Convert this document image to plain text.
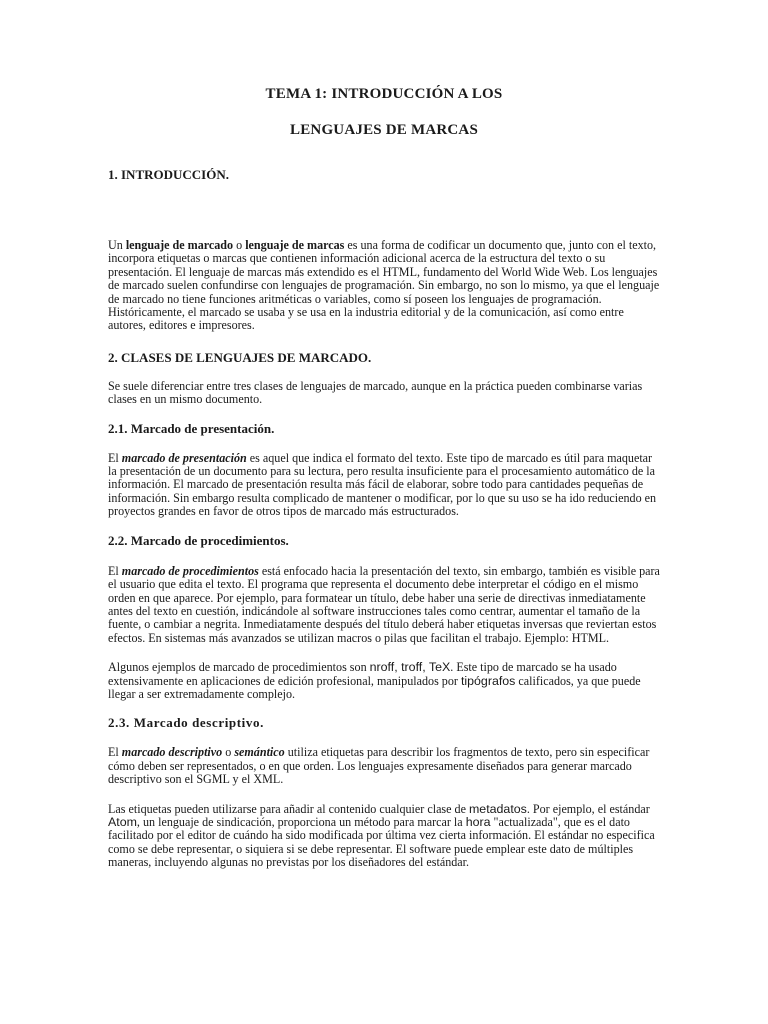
TEMA 1: INTRODUCCIÓN A LOS
LENGUAJES DE MARCAS
1. INTRODUCCIÓN.

Un lenguaje de marcado o lenguaje de marcas es una forma de codificar un documento que, junto con el texto, incorpora etiquetas o marcas que contienen información adicional acerca de la estructura del texto o su presentación. El lenguaje de marcas más extendido es el HTML, fundamento del World Wide Web. Los lenguajes de marcado suelen confundirse con lenguajes de programación. Sin embargo, no son lo mismo, ya que el lenguaje de marcado no tiene funciones aritméticas o variables, como sí poseen los lenguajes de programación. Históricamente, el marcado se usaba y se usa en la industria editorial y de la comunicación, así como entre autores, editores e impresores.

2. CLASES DE LENGUAJES DE MARCADO.

Se suele diferenciar entre tres clases de lenguajes de marcado, aunque en la práctica pueden combinarse varias clases en un mismo documento.

2.1. Marcado de presentación.

El marcado de presentación es aquel que indica el formato del texto. Este tipo de marcado es útil para maquetar la presentación de un documento para su lectura, pero resulta insuficiente para el procesamiento automático de la información. El marcado de presentación resulta más fácil de elaborar, sobre todo para cantidades pequeñas de información. Sin embargo resulta complicado de mantener o modificar, por lo que su uso se ha ido reduciendo en proyectos grandes en favor de otros tipos de marcado más estructurados.

2.2. Marcado de procedimientos.

El marcado de procedimientos está enfocado hacia la presentación del texto, sin embargo, también es visible para el usuario que edita el texto. El programa que representa el documento debe interpretar el código en el mismo orden en que aparece. Por ejemplo, para formatear un título, debe haber una serie de directivas inmediatamente antes del texto en cuestión, indicándole al software instrucciones tales como centrar, aumentar el tamaño de la fuente, o cambiar a negrita. Inmediatamente después del título deberá haber etiquetas inversas que reviertan estos efectos. En sistemas más avanzados se utilizan macros o pilas que facilitan el trabajo. Ejemplo: HTML.

Algunos ejemplos de marcado de procedimientos son nroff, troff, TeX. Este tipo de marcado se ha usado extensivamente en aplicaciones de edición profesional, manipulados por tipógrafos calificados, ya que puede llegar a ser extremadamente complejo.

2.3. Marcado descriptivo.

El marcado descriptivo o semántico utiliza etiquetas para describir los fragmentos de texto, pero sin especificar cómo deben ser representados, o en que orden. Los lenguajes expresamente diseñados para generar marcado descriptivo son el SGML y el XML.

Las etiquetas pueden utilizarse para añadir al contenido cualquier clase de metadatos. Por ejemplo, el estándar Atom, un lenguaje de sindicación, proporciona un método para marcar la hora "actualizada", que es el dato facilitado por el editor de cuándo ha sido modificada por última vez cierta información. El estándar no especifica como se debe representar, o siquiera si se debe representar. El software puede emplear este dato de múltiples maneras, incluyendo algunas no previstas por los diseñadores del estándar.
